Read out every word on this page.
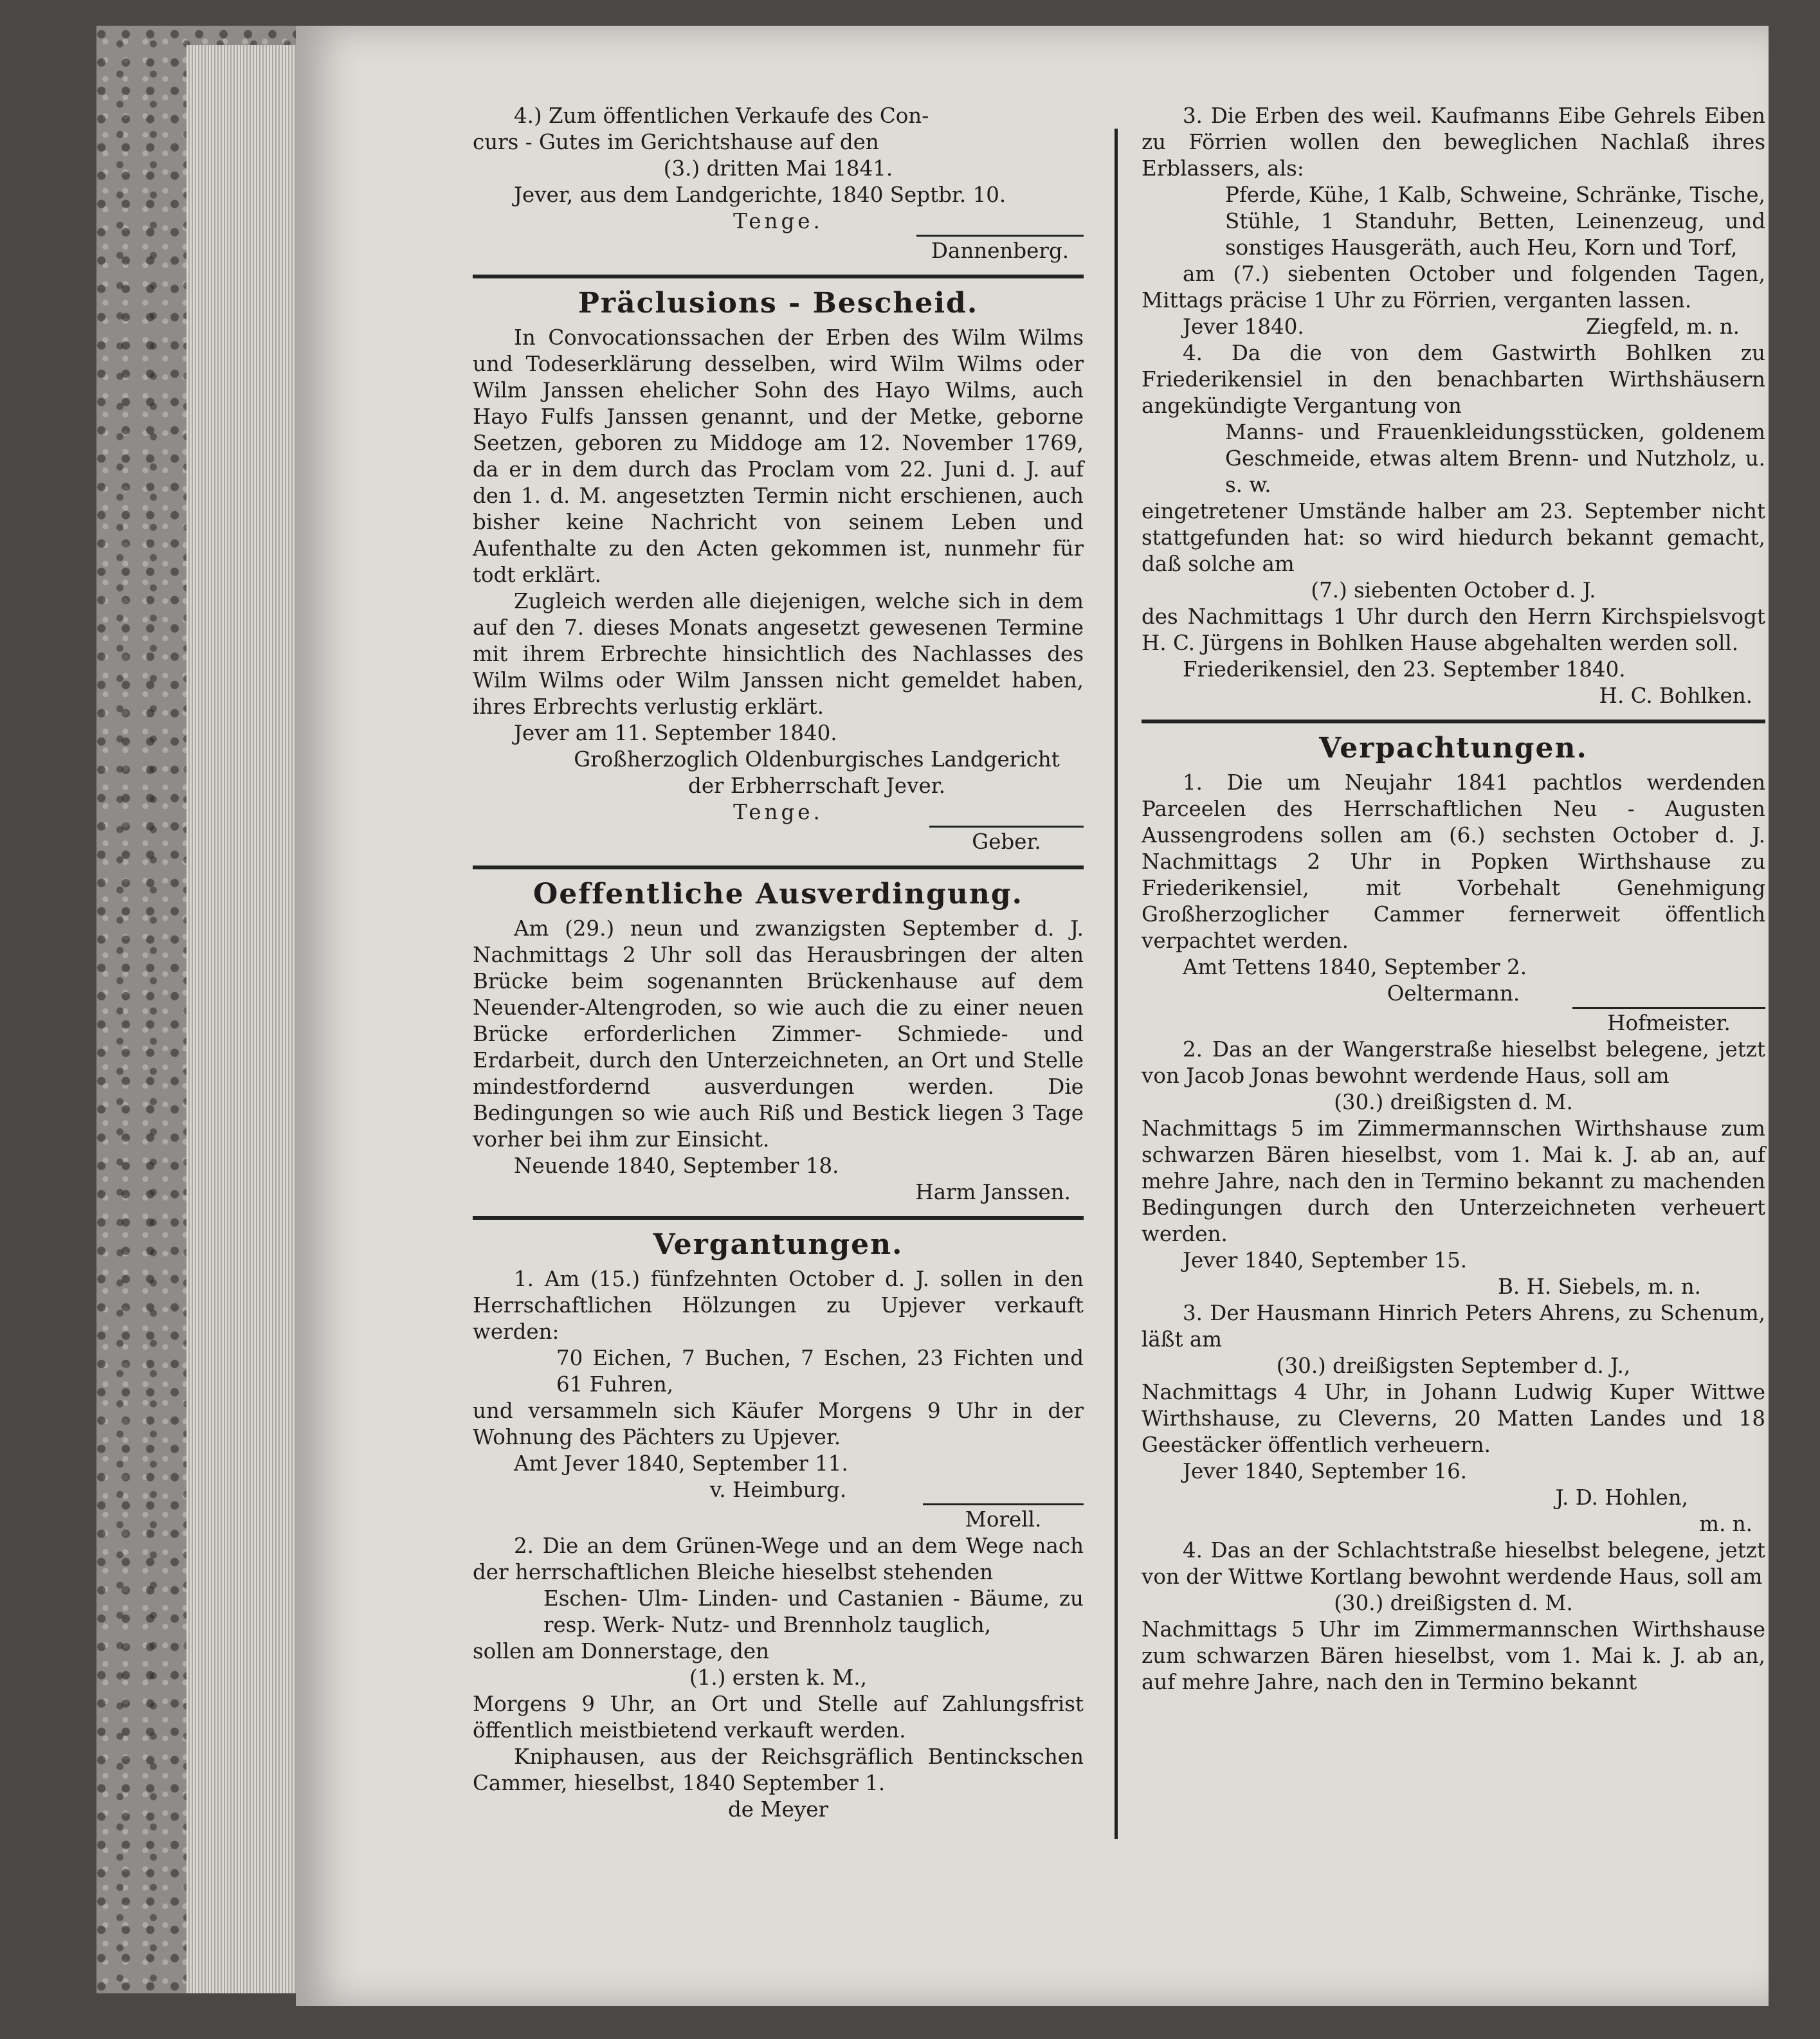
4.) Zum öffentlichen Verkaufe des Con-

curs - Gutes im Gerichtshause auf den

(3.) dritten Mai 1841.

Jever, aus dem Landgerichte, 1840 Septbr. 10.

Tenge.

Dannenberg.
Präclusions - Bescheid.

In Convocationssachen der Erben des Wilm Wilms und Todeserklärung desselben, wird Wilm Wilms oder Wilm Janssen ehelicher Sohn des Hayo Wilms, auch Hayo Fulfs Janssen genannt, und der Metke, geborne Seetzen, geboren zu Middoge am 12. November 1769, da er in dem durch das Proclam vom 22. Juni d. J. auf den 1. d. M. angesetzten Termin nicht erschienen, auch bisher keine Nachricht von seinem Leben und Aufenthalte zu den Acten gekommen ist, nunmehr für todt erklärt.

Zugleich werden alle diejenigen, welche sich in dem auf den 7. dieses Monats angesetzt gewesenen Termine mit ihrem Erbrechte hinsichtlich des Nachlasses des Wilm Wilms oder Wilm Janssen nicht gemeldet haben, ihres Erbrechts verlustig erklärt.

Jever am 11. September 1840.

Großherzoglich Oldenburgisches Landgericht

der Erbherrschaft Jever.

Tenge.

Geber.
Oeffentliche Ausverdingung.

Am (29.) neun und zwanzigsten September d. J. Nachmittags 2 Uhr soll das Herausbringen der alten Brücke beim sogenannten Brückenhause auf dem Neuender-Altengroden, so wie auch die zu einer neuen Brücke erforderlichen Zimmer- Schmiede- und Erdarbeit, durch den Unterzeichneten, an Ort und Stelle mindestfordernd ausverdungen werden. Die Bedingungen so wie auch Riß und Bestick liegen 3 Tage vorher bei ihm zur Einsicht.

Neuende 1840, September 18.

Harm Janssen.

Vergantungen.

1. Am (15.) fünfzehnten October d. J. sollen in den Herrschaftlichen Hölzungen zu Upjever verkauft werden:

70 Eichen, 7 Buchen, 7 Eschen, 23 Fichten und 61 Fuhren,

und versammeln sich Käufer Morgens 9 Uhr in der Wohnung des Pächters zu Upjever.

Amt Jever 1840, September 11.

v. Heimburg.

Morell.

2. Die an dem Grünen-Wege und an dem Wege nach der herrschaftlichen Bleiche hieselbst stehenden

Eschen- Ulm- Linden- und Castanien - Bäume, zu resp. Werk- Nutz- und Brennholz tauglich,

sollen am Donnerstage, den

(1.) ersten k. M.,

Morgens 9 Uhr, an Ort und Stelle auf Zahlungsfrist öffentlich meistbietend verkauft werden.

Kniphausen, aus der Reichsgräflich Bentinckschen Cammer, hieselbst, 1840 September 1.

de Meyer

3. Die Erben des weil. Kaufmanns Eibe Gehrels Eiben zu Förrien wollen den beweglichen Nachlaß ihres Erblassers, als:

Pferde, Kühe, 1 Kalb, Schweine, Schränke, Tische, Stühle, 1 Standuhr, Betten, Leinenzeug, und sonstiges Hausgeräth, auch Heu, Korn und Torf,

am (7.) siebenten October und folgenden Tagen, Mittags präcise 1 Uhr zu Förrien, verganten lassen.

Jever 1840.	Ziegfeld, m. n.

4. Da die von dem Gastwirth Bohlken zu Friederikensiel in den benachbarten Wirthshäusern angekündigte Vergantung von

Manns- und Frauenkleidungsstücken, goldenem Geschmeide, etwas altem Brenn- und Nutzholz, u. s. w.

eingetretener Umstände halber am 23. September nicht stattgefunden hat: so wird hiedurch bekannt gemacht, daß solche am

(7.) siebenten October d. J.

des Nachmittags 1 Uhr durch den Herrn Kirchspielsvogt H. C. Jürgens in Bohlken Hause abgehalten werden soll.

Friederikensiel, den 23. September 1840.

H. C. Bohlken.

Verpachtungen.

1. Die um Neujahr 1841 pachtlos werdenden Parceelen des Herrschaftlichen Neu - Augusten Aussengrodens sollen am (6.) sechsten October d. J. Nachmittags 2 Uhr in Popken Wirthshause zu Friederikensiel, mit Vorbehalt Genehmigung Großherzoglicher Cammer fernerweit öffentlich verpachtet werden.

Amt Tettens 1840, September 2.

Oeltermann.

Hofmeister.

2. Das an der Wangerstraße hieselbst belegene, jetzt von Jacob Jonas bewohnt werdende Haus, soll am

(30.) dreißigsten d. M.

Nachmittags 5 im Zimmermannschen Wirthshause zum schwarzen Bären hieselbst, vom 1. Mai k. J. ab an, auf mehre Jahre, nach den in Termino bekannt zu machenden Bedingungen durch den Unterzeichneten verheuert werden.

Jever 1840, September 15.

B. H. Siebels, m. n.

3. Der Hausmann Hinrich Peters Ahrens, zu Schenum, läßt am

(30.) dreißigsten September d. J.,

Nachmittags 4 Uhr, in Johann Ludwig Kuper Wittwe Wirthshause, zu Cleverns, 20 Matten Landes und 18 Geestäcker öffentlich verheuern.

Jever 1840, September 16.

J. D. Hohlen,

m. n.

4. Das an der Schlachtstraße hieselbst belegene, jetzt von der Wittwe Kortlang bewohnt werdende Haus, soll am

(30.) dreißigsten d. M.

Nachmittags 5 Uhr im Zimmermannschen Wirthshause zum schwarzen Bären hieselbst, vom 1. Mai k. J. ab an, auf mehre Jahre, nach den in Termino bekannt
